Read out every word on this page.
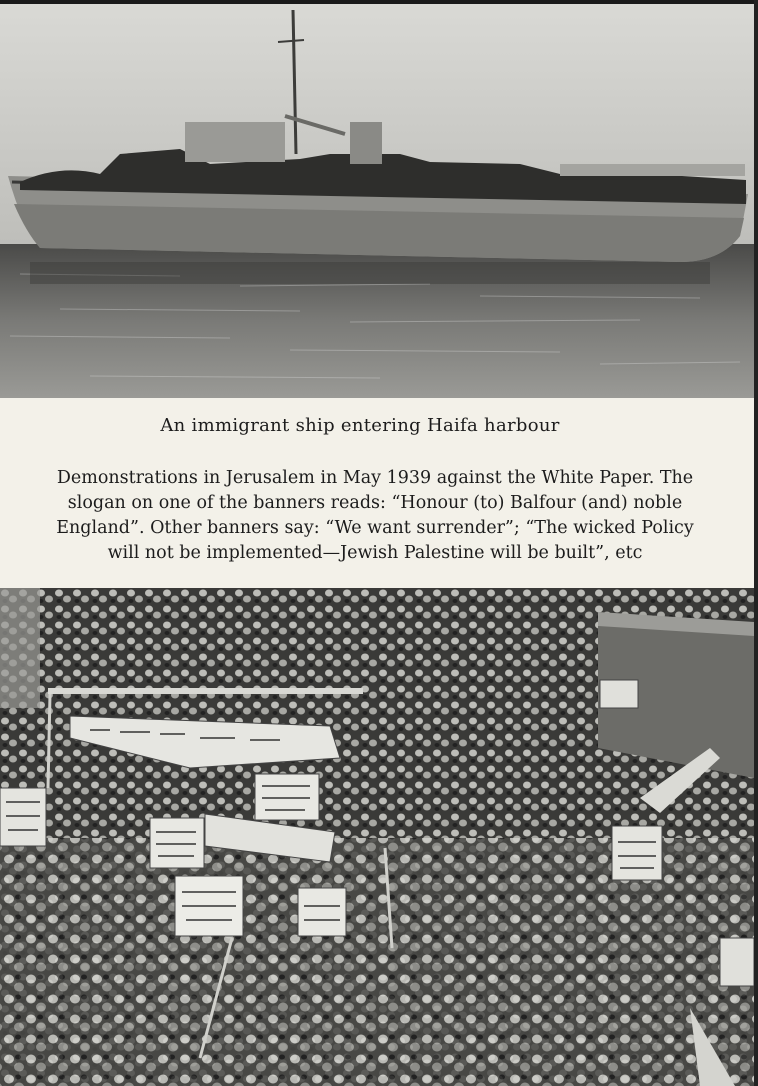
An immigrant ship entering Haifa harbour
Demonstrations in Jerusalem in May 1939 against the White Paper. The
slogan on one of the banners reads: “Honour (to) Balfour (and) noble
England”. Other banners say: “We want surrender”; “The wicked Policy
will not be implemented—Jewish Palestine will be built”, etc
